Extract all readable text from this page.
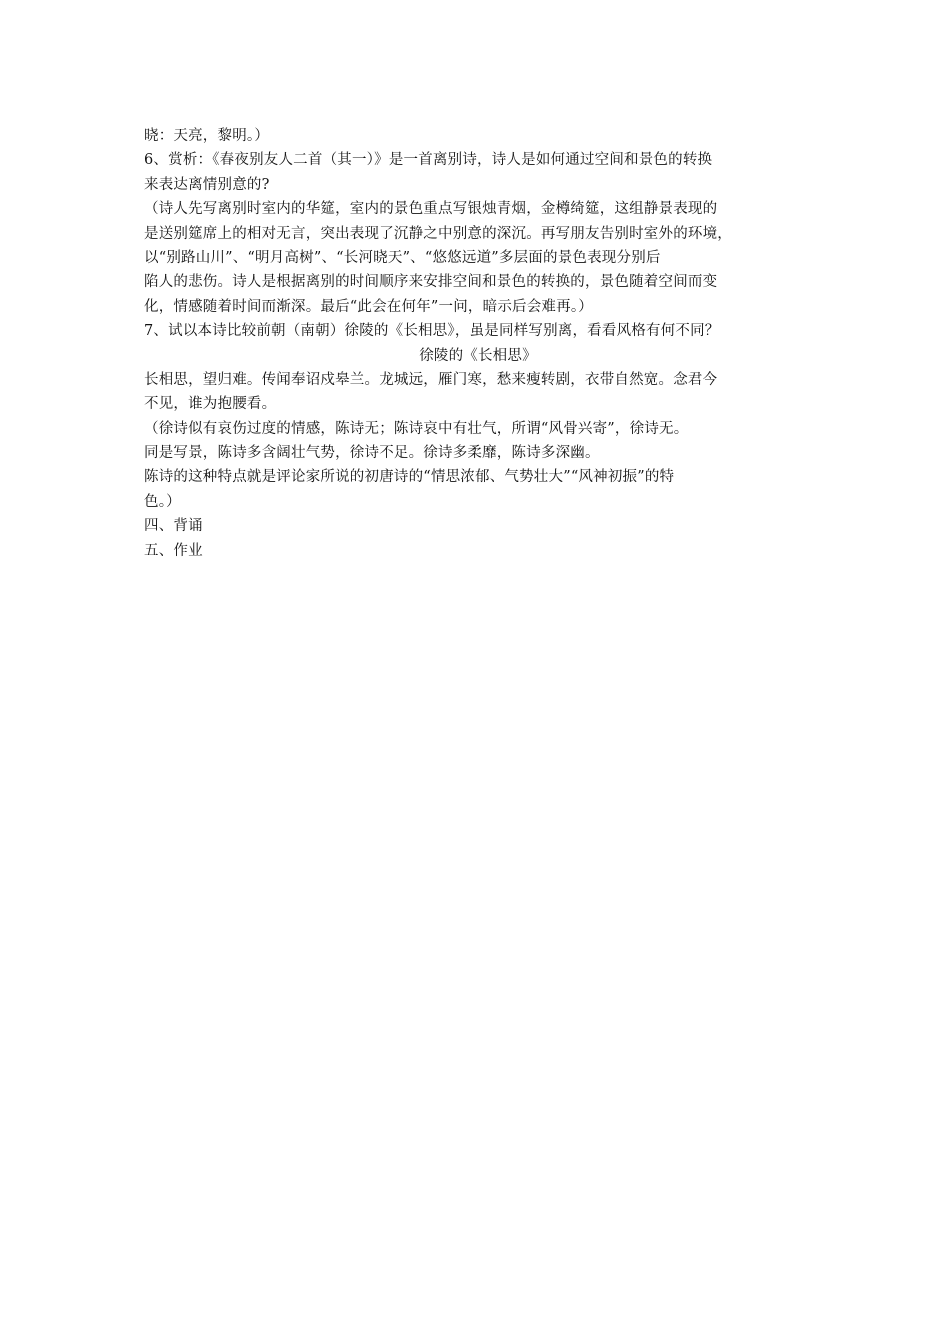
晓：天亮，黎明。）
6、赏析：《春夜别友人二首（其一）》是一首离别诗，诗人是如何通过空间和景色的转换
来表达离情别意的?
（诗人先写离别时室内的华筵，室内的景色重点写银烛青烟，金樽绮筵，这组静景表现的
是送别筵席上的相对无言，突出表现了沉静之中别意的深沉。再写朋友告别时室外的环境，
以“别路山川”、“明月高树”、“长河晓天”、“悠悠远道”多层面的景色表现分别后
陷人的悲伤。诗人是根据离别的时间顺序来安排空间和景色的转换的，景色随着空间而变
化，情感随着时间而渐深。最后“此会在何年”一问，暗示后会难再。）
7、试以本诗比较前朝（南朝）徐陵的《长相思》，虽是同样写别离，看看风格有何不同？
徐陵的《长相思》
长相思，望归难。传闻奉诏戍皋兰。龙城远，雁门寒，愁来瘦转剧，衣带自然宽。念君今
不见，谁为抱腰看。
（徐诗似有哀伤过度的情感，陈诗无；陈诗哀中有壮气，所谓“风骨兴寄”，徐诗无。
同是写景，陈诗多含阔壮气势，徐诗不足。徐诗多柔靡，陈诗多深幽。
陈诗的这种特点就是评论家所说的初唐诗的“情思浓郁、气势壮大”“风神初振”的特
色。）
四、背诵
五、作业
